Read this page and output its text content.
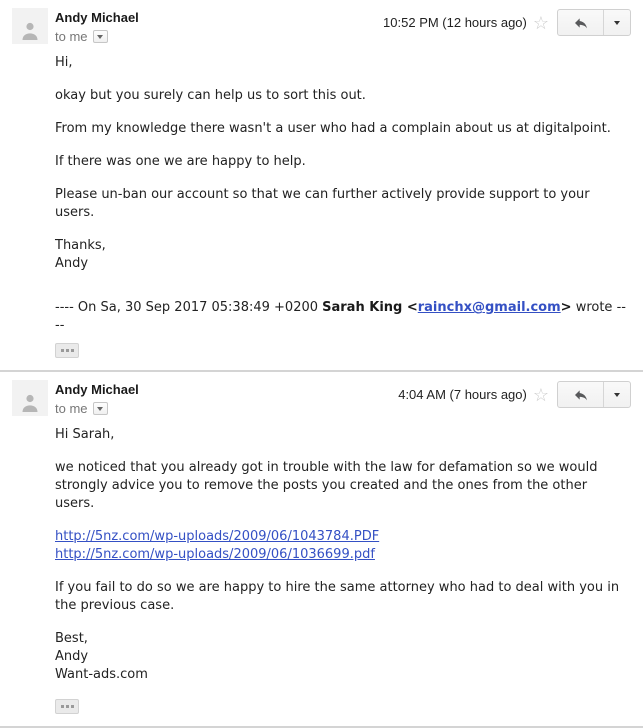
Andy Michael
to me
10:52 PM (12 hours ago) ☆

Hi,

okay but you surely can help us to sort this out.

From my knowledge there wasn't a user who had a complain about us at digitalpoint.

If there was one we are happy to help.

Please un-ban our account so that we can further actively provide support to your users.

Thanks,
Andy

---- On Sa, 30 Sep 2017 05:38:49 +0200 Sarah King <rainchx@gmail.com> wrote ----

Andy Michael
to me
4:04 AM (7 hours ago) ☆

Hi Sarah,

we noticed that you already got in trouble with the law for defamation so we would strongly advice you to remove the posts you created and the ones from the other users.

http://5nz.com/wp-uploads/2009/06/1043784.PDF
http://5nz.com/wp-uploads/2009/06/1036699.pdf

If you fail to do so we are happy to hire the same attorney who had to deal with you in the previous case.

Best,
Andy
Want-ads.com
